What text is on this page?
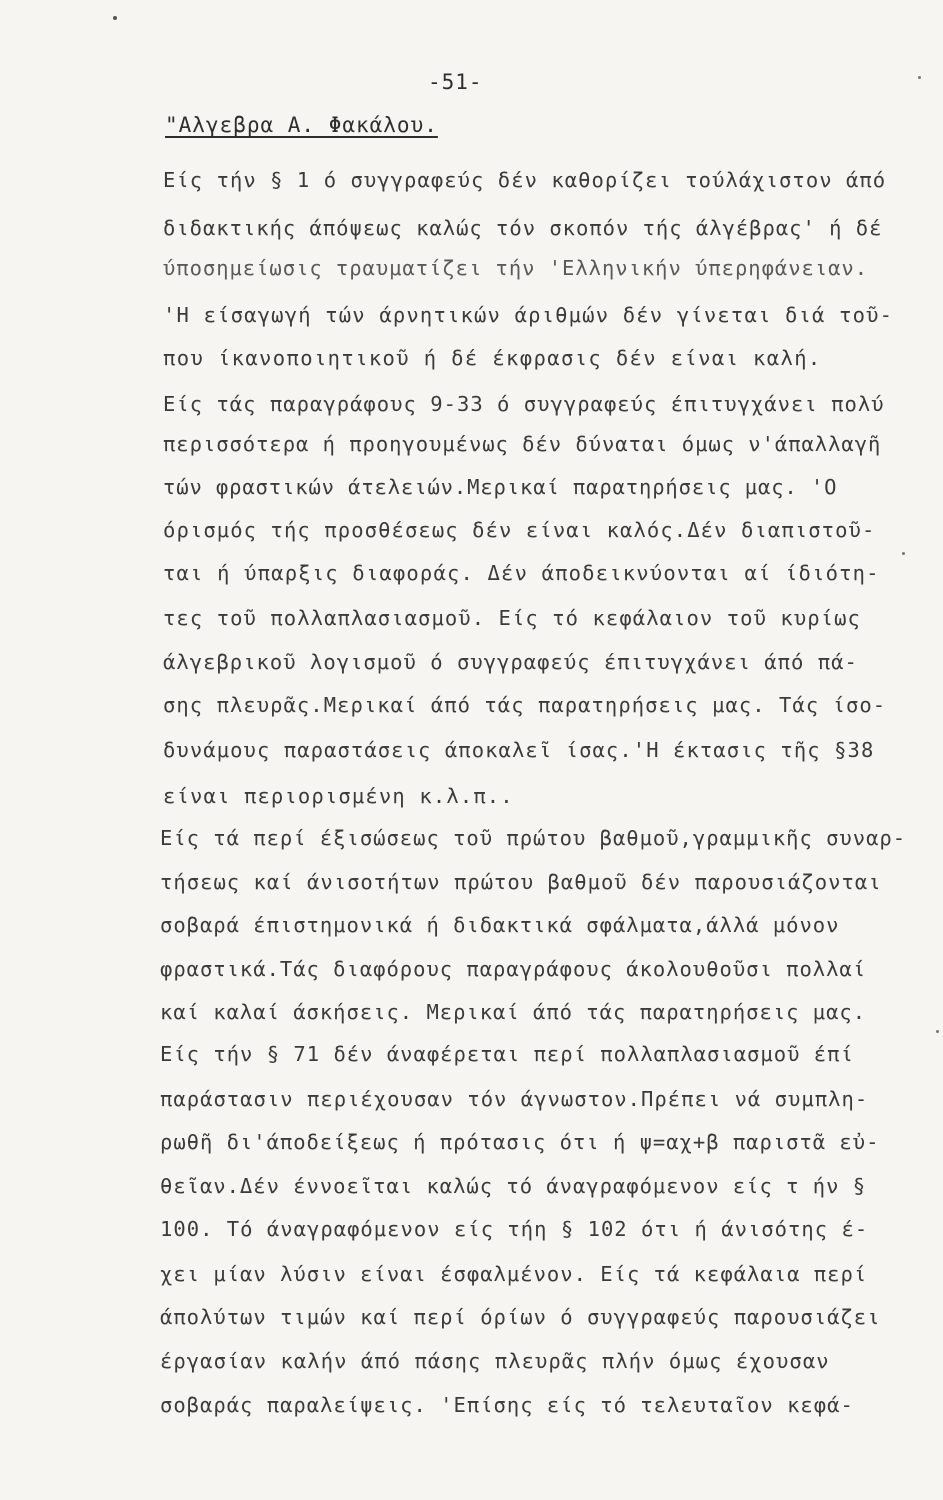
-51-
"Αλγεβρα Α. Φακάλου.
Είς τήν § 1 ό συγγραφεύς δέν καθορίζει τούλάχιστον άπό
διδακτικής άπόψεως καλώς τόν σκοπόν τής άλγέβρας' ή δέ
ύποσημείωσις τραυματίζει τήν 'Ελληνικήν ύπερηφάνειαν.
'Η είσαγωγή τών άρνητικών άριθμών δέν γίνεται διά τοῦ-
που ίκανοποιητικοῦ ή δέ έκφρασις δέν είναι καλή.
Είς τάς παραγράφους 9-33 ό συγγραφεύς έπιτυγχάνει πολύ
περισσότερα ή προηγουμένως δέν δύναται όμως ν'άπαλλαγῆ
τών φραστικών άτελειών.Μερικαί παρατηρήσεις μας. 'Ο
όρισμός τής προσθέσεως δέν είναι καλός.Δέν διαπιστοῦ-
ται ή ύπαρξις διαφοράς. Δέν άποδεικνύονται αί ίδιότη-
τες τοῦ πολλαπλασιασμοῦ. Είς τό κεφάλαιον τοῦ κυρίως
άλγεβρικοῦ λογισμοῦ ό συγγραφεύς έπιτυγχάνει άπό πά-
σης πλευρᾶς.Μερικαί άπό τάς παρατηρήσεις μας. Τάς ίσο-
δυνάμους παραστάσεις άποκαλεῖ ίσας.'Η έκτασις τῆς §38
είναι περιορισμένη κ.λ.π..
Είς τά περί έξισώσεως τοῦ πρώτου βαθμοῦ,γραμμικῆς συναρ-
τήσεως καί άνισοτήτων πρώτου βαθμοῦ δέν παρουσιάζονται
σοβαρά έπιστημονικά ή διδακτικά σφάλματα,άλλά μόνον
φραστικά.Τάς διαφόρους παραγράφους άκολουθοῦσι πολλαί
καί καλαί άσκήσεις. Μερικαί άπό τάς παρατηρήσεις μας.
Είς τήν § 71 δέν άναφέρεται περί πολλαπλασιασμοῦ έπί
παράστασιν περιέχουσαν τόν άγνωστον.Πρέπει νά συμπλη-
ρωθῆ δι'άποδείξεως ή πρότασις ότι ή ψ=αχ+β παριστᾶ εὐ-
θεῖαν.Δέν έννοεῖται καλώς τό άναγραφόμενον είς τ ήν §
100. Τό άναγραφόμενον είς τήη § 102 ότι ή άνισότης έ-
χει μίαν λύσιν είναι έσφαλμένον. Είς τά κεφάλαια περί
άπολύτων τιμών καί περί όρίων ό συγγραφεύς παρουσιάζει
έργασίαν καλήν άπό πάσης πλευρᾶς πλήν όμως έχουσαν
σοβαράς παραλείψεις. 'Επίσης είς τό τελευταῖον κεφά-
